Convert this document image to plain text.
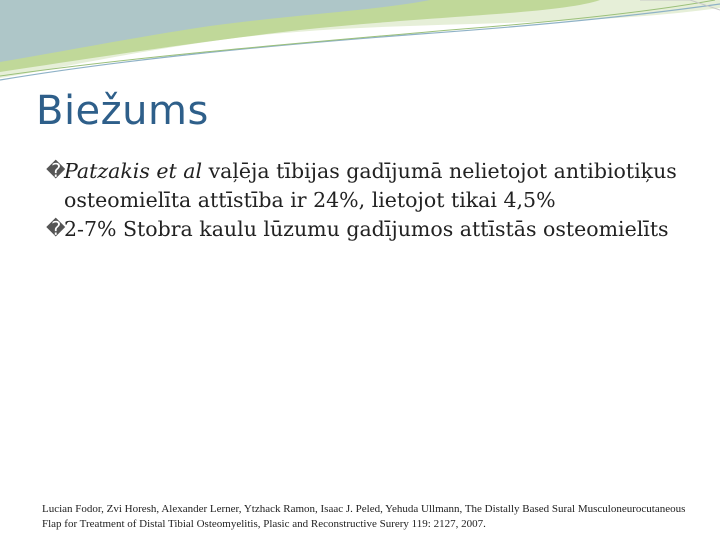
Biežums
�
Patzakis et al vaļēja tībijas gadījumā nelietojot antibiotiķus osteomielīta attīstība ir 24%, lietojot tikai 4,5%
�
2-7% Stobra kaulu lūzumu gadījumos attīstās osteomielīts
Lucian Fodor, Zvi Horesh, Alexander Lerner, Ytzhack Ramon, Isaac J. Peled, Yehuda Ullmann, The Distally Based Sural Musculoneurocutaneous Flap for Treatment of Distal Tibial Osteomyelitis, Plasic and Reconstructive Surery 119: 2127, 2007.
